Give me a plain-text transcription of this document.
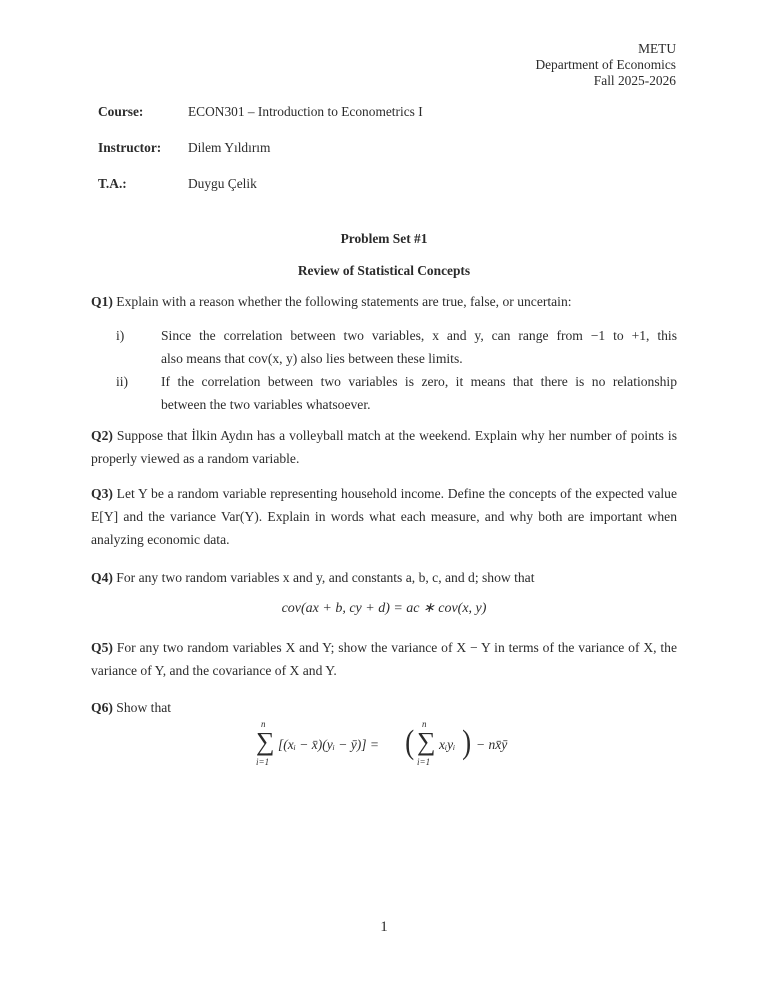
METU
Department of Economics
Fall 2025-2026
Course:	ECON301 – Introduction to Econometrics I
Instructor: Dilem Yıldırım
T.A.:	Duygu Çelik
Problem Set #1
Review of Statistical Concepts
Q1) Explain with a reason whether the following statements are true, false, or uncertain:
i)	Since the correlation between two variables, x and y, can range from −1 to +1, this
also means that cov(x, y) also lies between these limits.
ii) If the correlation between two variables is zero, it means that there is no relationship
between the two variables whatsoever.
Q2) Suppose that İlkin Aydın has a volleyball match at the weekend. Explain why her number of points is properly viewed as a random variable.
Q3) Let Y be a random variable representing household income. Define the concepts of the expected value E[Y] and the variance Var(Y). Explain in words what each measure, and why both are important when analyzing economic data.
Q4) For any two random variables x and y, and constants a, b, c, and d; show that
cov(ax + b, cy + d) = ac ∗ cov(x, y)
Q5) For any two random variables X and Y; show the variance of X − Y in terms of the variance of X, the variance of Y, and the covariance of X and Y.
Q6) Show that
n
∑
i=1
[(xᵢ − x̄)(yᵢ − ȳ)] = ( n
∑
i=1
xᵢyᵢ ) − nx̄ȳ
1
